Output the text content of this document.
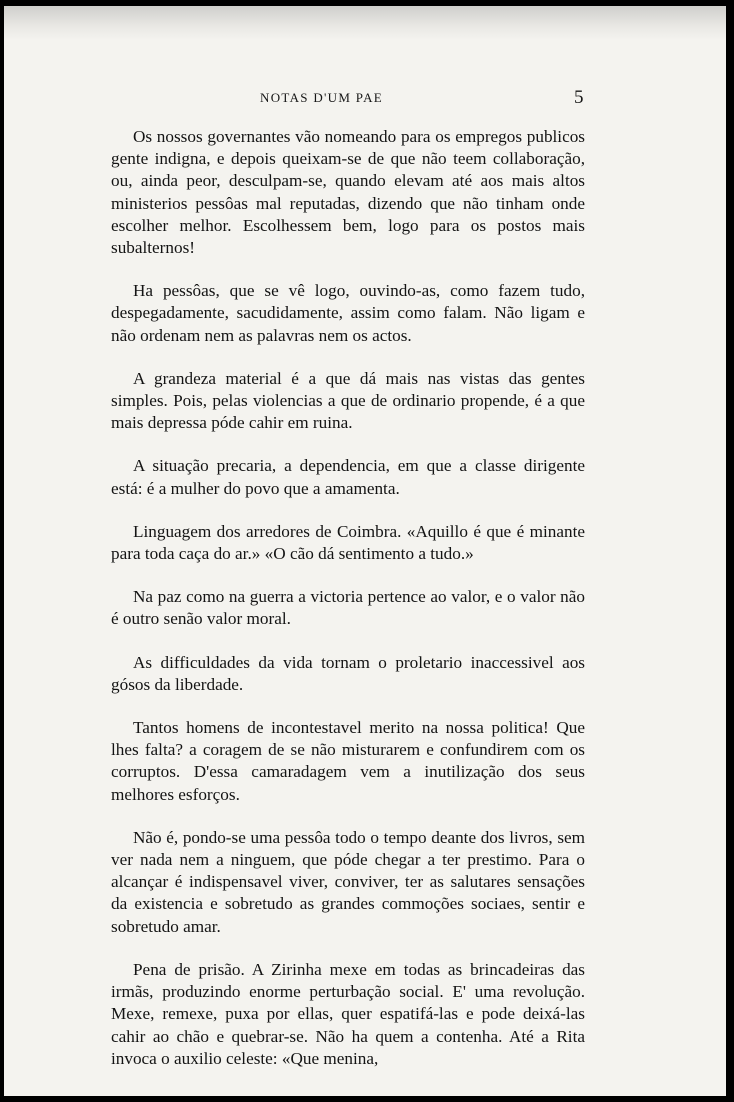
NOTAS D'UM PAE	5

Os nossos governantes vão nomeando para os empregos publicos gente indigna, e depois queixam-se de que não teem collaboração, ou, ainda peor, desculpam-se, quando elevam até aos mais altos ministerios pessôas mal reputadas, dizendo que não tinham onde escolher melhor. Escolhessem bem, logo para os postos mais subalternos!

Ha pessôas, que se vê logo, ouvindo-as, como fazem tudo, despegadamente, sacudidamente, assim como falam. Não ligam e não ordenam nem as palavras nem os actos.

A grandeza material é a que dá mais nas vistas das gentes simples. Pois, pelas violencias a que de ordinario propende, é a que mais depressa póde cahir em ruina.

A situação precaria, a dependencia, em que a classe dirigente está: é a mulher do povo que a amamenta.

Linguagem dos arredores de Coimbra. «Aquillo é que é minante para toda caça do ar.» «O cão dá sentimento a tudo.»

Na paz como na guerra a victoria pertence ao valor, e o valor não é outro senão valor moral.

As difficuldades da vida tornam o proletario inaccessivel aos gósos da liberdade.

Tantos homens de incontestavel merito na nossa politica! Que lhes falta? a coragem de se não misturarem e confundirem com os corruptos. D'essa camaradagem vem a inutilização dos seus melhores esforços.

Não é, pondo-se uma pessôa todo o tempo deante dos livros, sem ver nada nem a ninguem, que póde chegar a ter prestimo. Para o alcançar é indispensavel viver, conviver, ter as salutares sensações da existencia e sobretudo as grandes commoções sociaes, sentir e sobretudo amar.

Pena de prisão. A Zirinha mexe em todas as brincadeiras das irmãs, produzindo enorme perturbação social. E' uma revolução. Mexe, remexe, puxa por ellas, quer espatifá-las e pode deixá-las cahir ao chão e quebrar-se. Não ha quem a contenha. Até a Rita invoca o auxilio celeste: «Que menina,
